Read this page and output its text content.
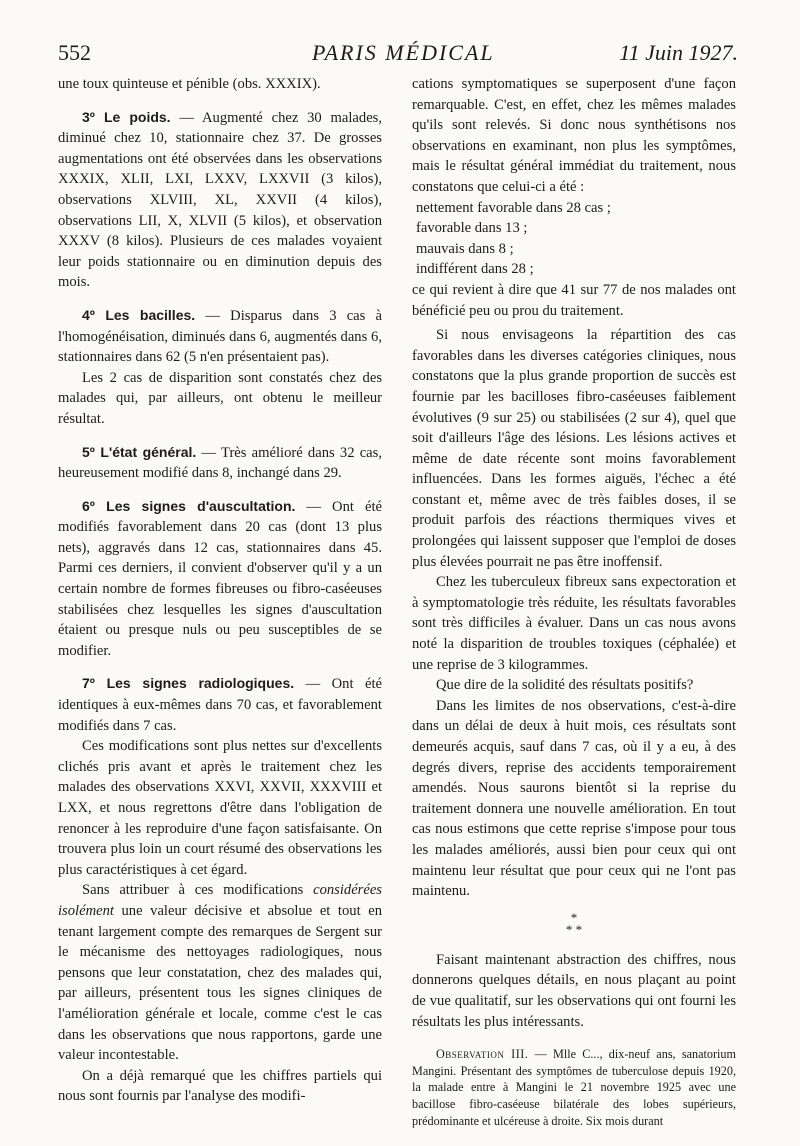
552	PARIS MÉDICAL	11 Juin 1927.

une toux quinteuse et pénible (obs. XXXIX).

3º Le poids. — Augmenté chez 30 malades, diminué chez 10, stationnaire chez 37. De grosses augmentations ont été observées dans les observations XXXIX, XLII, LXI, LXXV, LXXVII (3 kilos), observations XLVIII, XL, XXVII (4 kilos), observations LII, X, XLVII (5 kilos), et observation XXXV (8 kilos). Plusieurs de ces malades voyaient leur poids stationnaire ou en diminution depuis des mois.

4º Les bacilles. — Disparus dans 3 cas à l'homogénéisation, diminués dans 6, augmentés dans 6, stationnaires dans 62 (5 n'en présentaient pas).

Les 2 cas de disparition sont constatés chez des malades qui, par ailleurs, ont obtenu le meilleur résultat.

5º L'état général. — Très amélioré dans 32 cas, heureusement modifié dans 8, inchangé dans 29.

6º Les signes d'auscultation. — Ont été modifiés favorablement dans 20 cas (dont 13 plus nets), aggravés dans 12 cas, stationnaires dans 45. Parmi ces derniers, il convient d'observer qu'il y a un certain nombre de formes fibreuses ou fibro-caséeuses stabilisées chez lesquelles les signes d'auscultation étaient ou presque nuls ou peu susceptibles de se modifier.

7º Les signes radiologiques. — Ont été identiques à eux-mêmes dans 70 cas, et favorablement modifiés dans 7 cas.

Ces modifications sont plus nettes sur d'excellents clichés pris avant et après le traitement chez les malades des observations XXVI, XXVII, XXXVIII et LXX, et nous regrettons d'être dans l'obligation de renoncer à les reproduire d'une façon satisfaisante. On trouvera plus loin un court résumé des observations les plus caractéristiques à cet égard.

Sans attribuer à ces modifications considérées isolément une valeur décisive et absolue et tout en tenant largement compte des remarques de Sergent sur le mécanisme des nettoyages radiologiques, nous pensons que leur constatation, chez des malades qui, par ailleurs, présentent tous les signes cliniques de l'amélioration générale et locale, comme c'est le cas dans les observations que nous rapportons, garde une valeur incontestable.

On a déjà remarqué que les chiffres partiels qui nous sont fournis par l'analyse des modifi-

cations symptomatiques se superposent d'une façon remarquable. C'est, en effet, chez les mêmes malades qu'ils sont relevés. Si donc nous synthétisons nos observations en examinant, non plus les symptômes, mais le résultat général immédiat du traitement, nous constatons que celui-ci a été :

nettement favorable dans 28 cas ;

favorable dans 13 ;

mauvais dans 8 ;

indifférent dans 28 ;

ce qui revient à dire que 41 sur 77 de nos malades ont bénéficié peu ou prou du traitement.

Si nous envisageons la répartition des cas favorables dans les diverses catégories cliniques, nous constatons que la plus grande proportion de succès est fournie par les bacilloses fibro-caséeuses faiblement évolutives (9 sur 25) ou stabilisées (2 sur 4), quel que soit d'ailleurs l'âge des lésions. Les lésions actives et même de date récente sont moins favorablement influencées. Dans les formes aiguës, l'échec a été constant et, même avec de très faibles doses, il se produit parfois des réactions thermiques vives et prolongées qui laissent supposer que l'emploi de doses plus élevées pourrait ne pas être inoffensif.

Chez les tuberculeux fibreux sans expectoration et à symptomatologie très réduite, les résultats favorables sont très difficiles à évaluer. Dans un cas nous avons noté la disparition de troubles toxiques (céphalée) et une reprise de 3 kilogrammes.

Que dire de la solidité des résultats positifs?

Dans les limites de nos observations, c'est-à-dire dans un délai de deux à huit mois, ces résultats sont demeurés acquis, sauf dans 7 cas, où il y a eu, à des degrés divers, reprise des accidents temporairement amendés. Nous saurons bientôt si la reprise du traitement donnera une nouvelle amélioration. En tout cas nous estimons que cette reprise s'impose pour tous les malades améliorés, aussi bien pour ceux qui ont maintenu leur résultat que pour ceux qui ne l'ont pas maintenu.

*
* *

Faisant maintenant abstraction des chiffres, nous donnerons quelques détails, en nous plaçant au point de vue qualitatif, sur les observations qui ont fourni les résultats les plus intéressants.

Observation III. — Mlle C..., dix-neuf ans, sanatorium Mangini. Présentant des symptômes de tuberculose depuis 1920, la malade entre à Mangini le 21 novembre 1925 avec une bacillose fibro-caséeuse bilatérale des lobes supérieurs, prédominante et ulcéreuse à droite. Six mois durant
